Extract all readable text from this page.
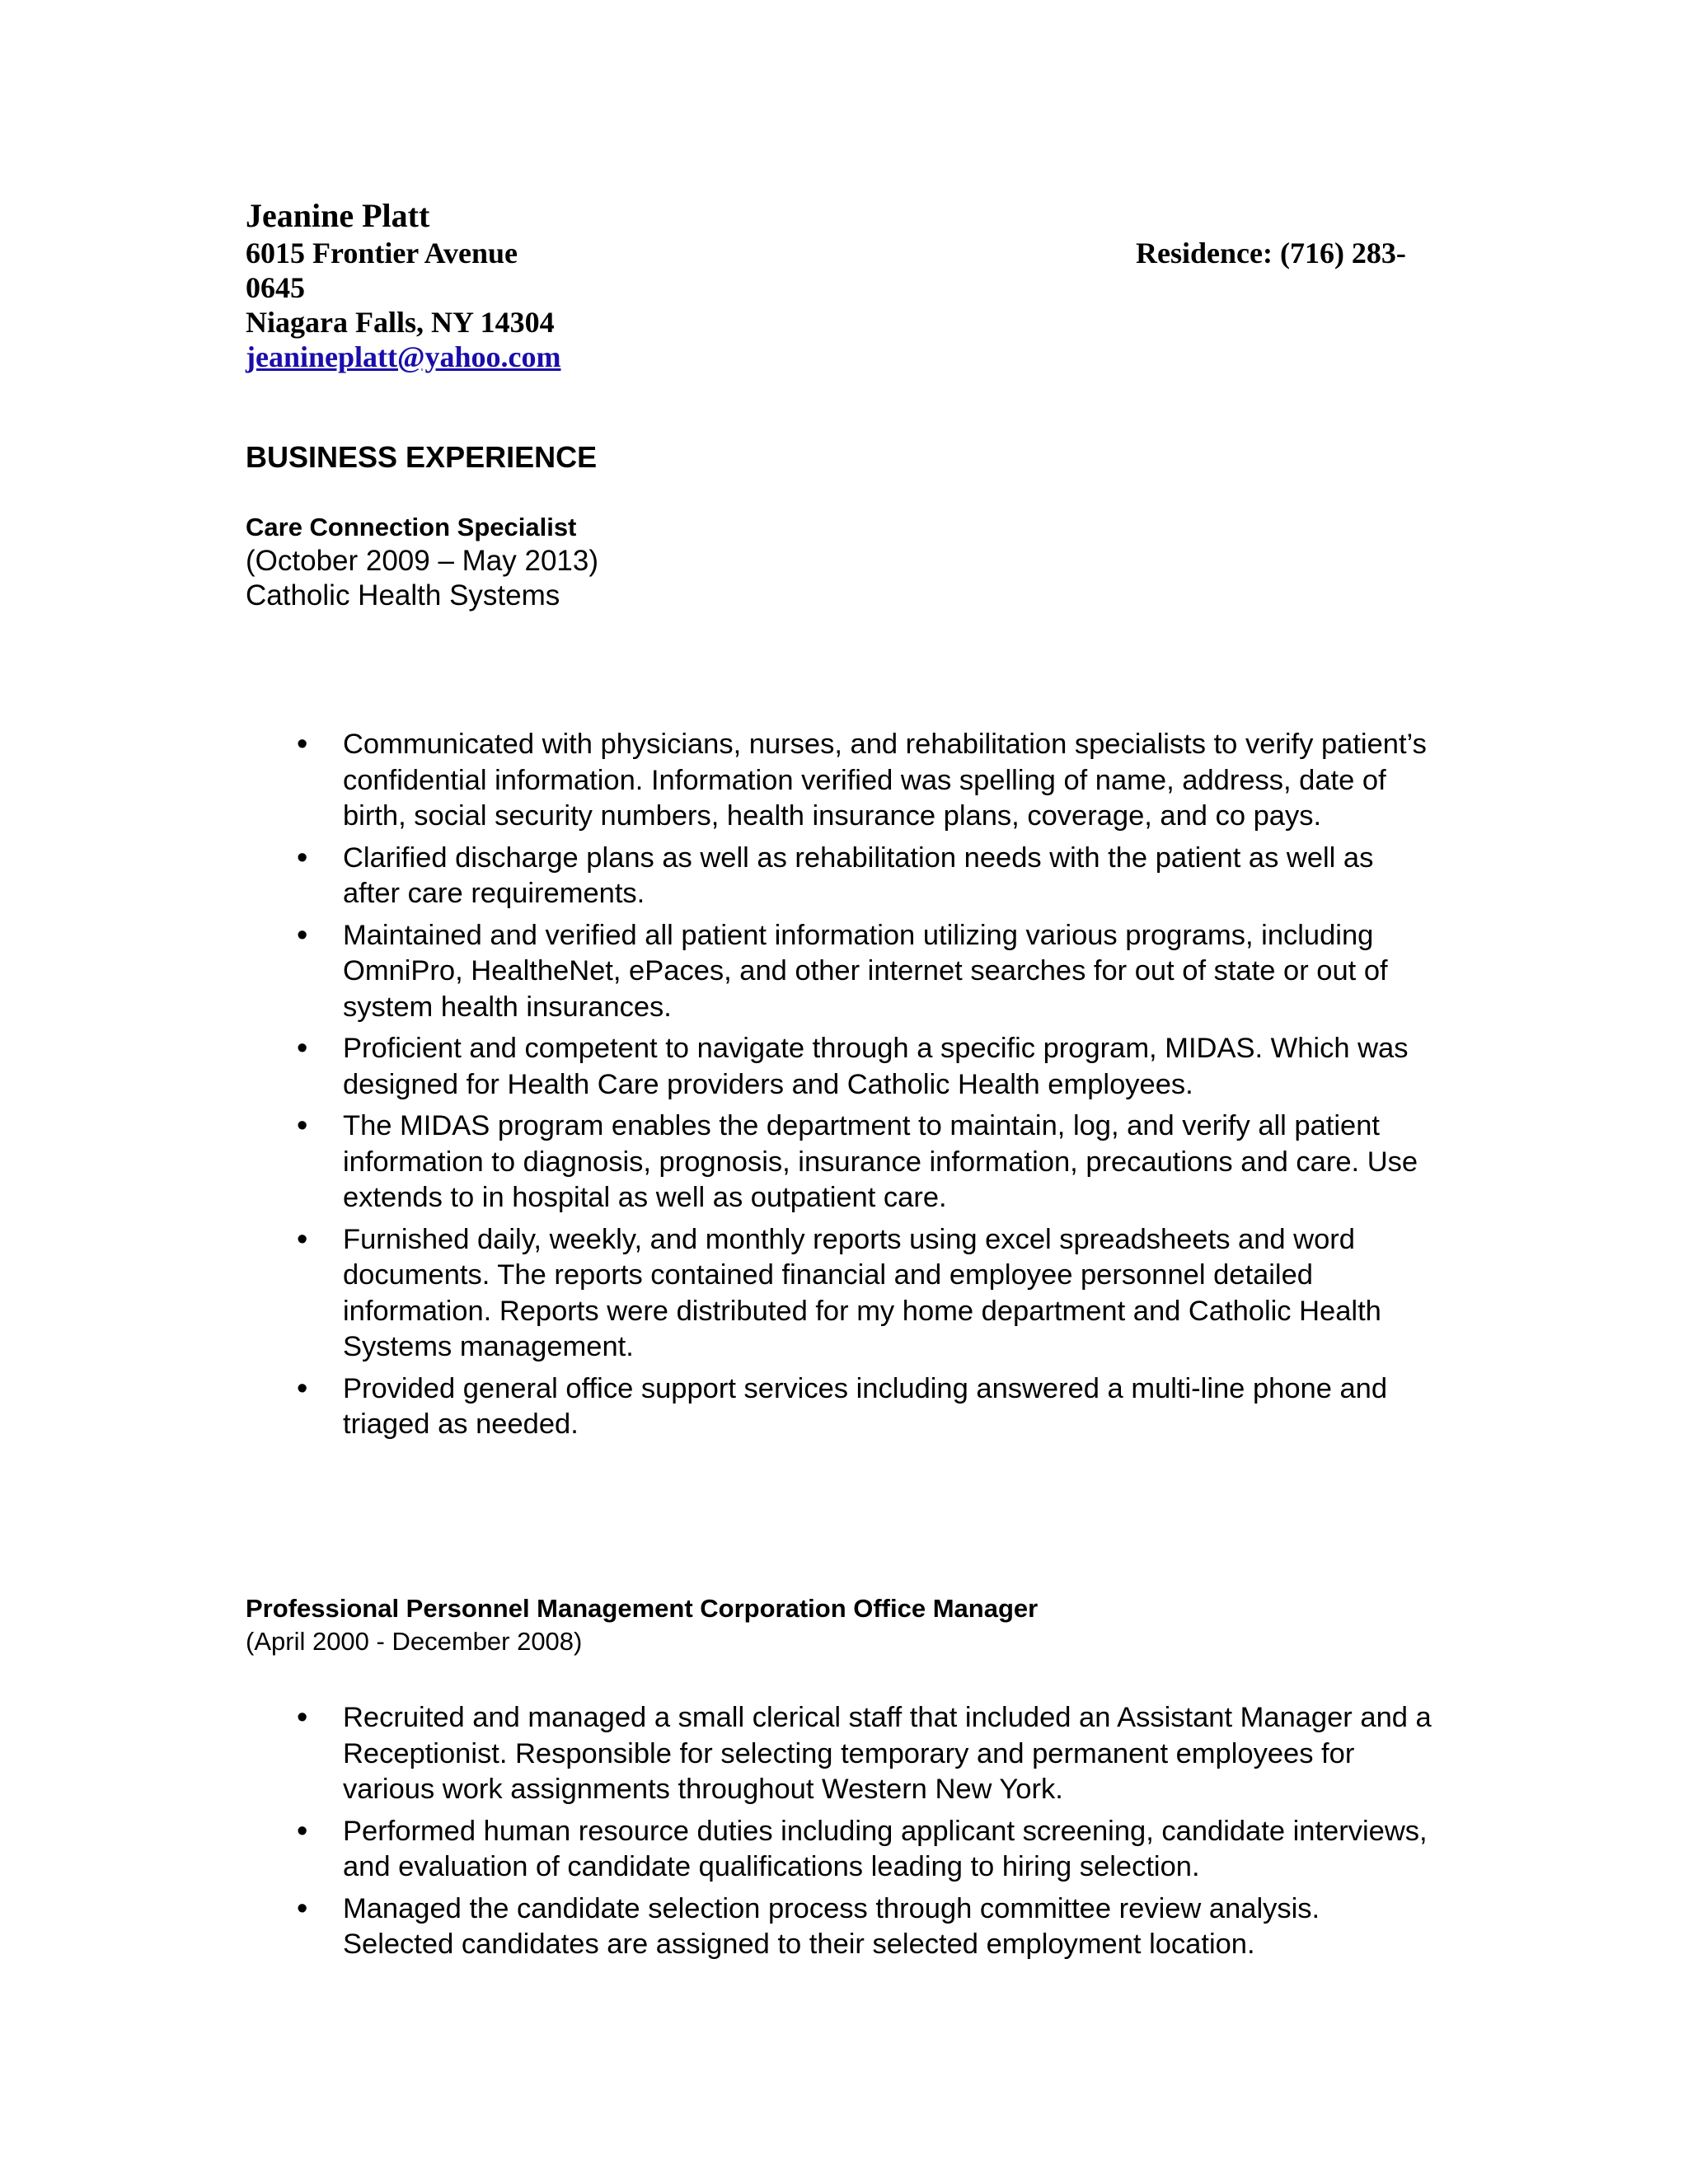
Jeanine Platt
6015 Frontier Avenue	Residence: (716) 283-
0645
Niagara Falls, NY 14304
jeanineplatt@yahoo.com
BUSINESS EXPERIENCE
Care Connection Specialist
(October 2009 – May 2013)
Catholic Health Systems
• Communicated with physicians, nurses, and rehabilitation specialists to verify patient’s confidential information. Information verified was spelling of name, address, date of birth, social security numbers, health insurance plans, coverage, and co pays.
• Clarified discharge plans as well as rehabilitation needs with the patient as well as after care requirements.
• Maintained and verified all patient information utilizing various programs, including OmniPro, HealtheNet, ePaces, and other internet searches for out of state or out of system health insurances.
• Proficient and competent to navigate through a specific program, MIDAS. Which was designed for Health Care providers and Catholic Health employees.
• The MIDAS program enables the department to maintain, log, and verify all patient information to diagnosis, prognosis, insurance information, precautions and care. Use extends to in hospital as well as outpatient care.
• Furnished daily, weekly, and monthly reports using excel spreadsheets and word documents. The reports contained financial and employee personnel detailed information. Reports were distributed for my home department and Catholic Health Systems management.
• Provided general office support services including answered a multi-line phone and triaged as needed.
Professional Personnel Management Corporation Office Manager
(April 2000 - December 2008)
• Recruited and managed a small clerical staff that included an Assistant Manager and a Receptionist. Responsible for selecting temporary and permanent employees for various work assignments throughout Western New York.
• Performed human resource duties including applicant screening, candidate interviews, and evaluation of candidate qualifications leading to hiring selection.
• Managed the candidate selection process through committee review analysis. Selected candidates are assigned to their selected employment location.
